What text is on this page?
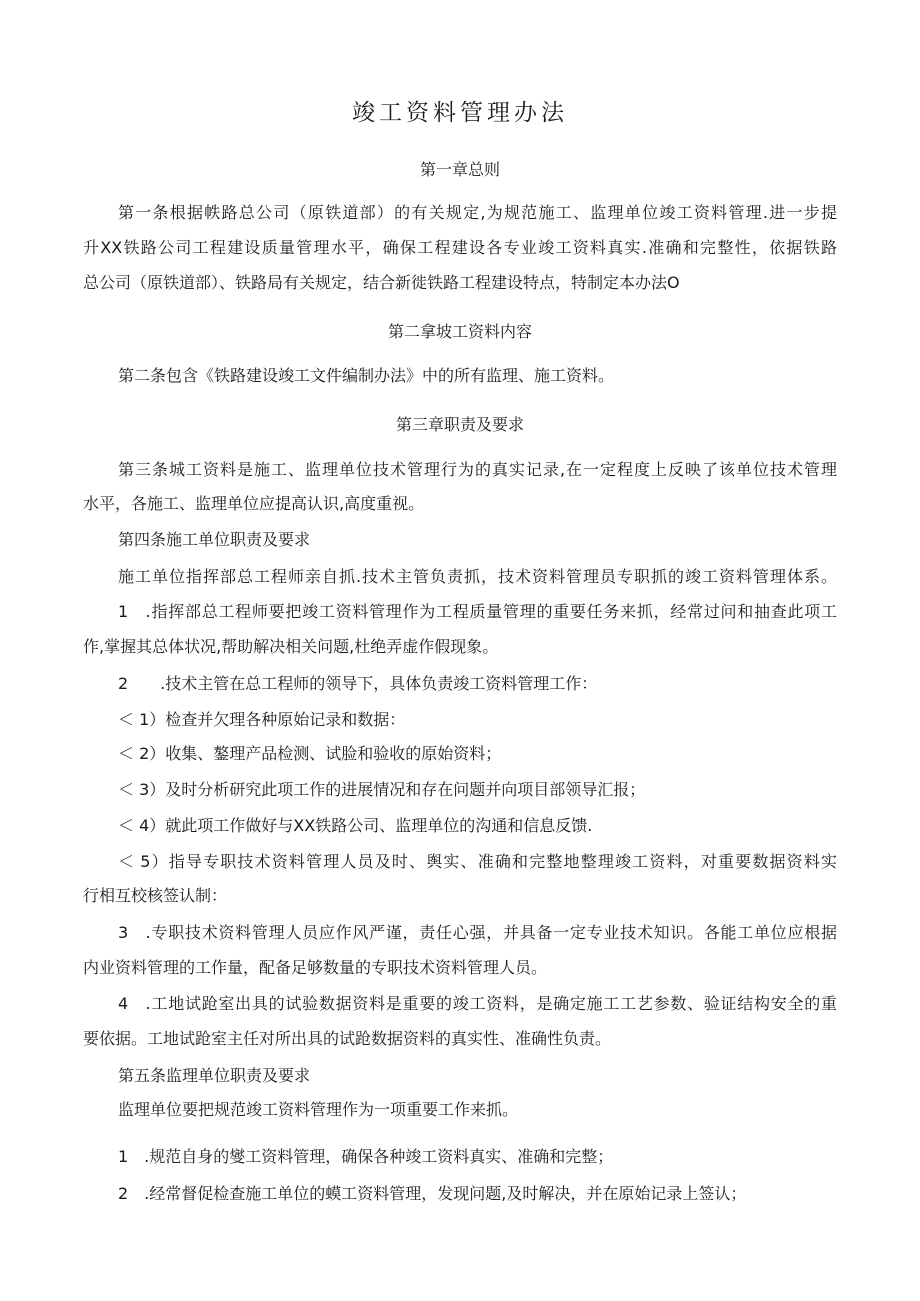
竣工资料管理办法
第一章总则
第一条根据帙路总公司（原铁道部）的有关规定,为规范施工、监理单位竣工资料管理.进一步提
升XX铁路公司工程建设质量管理水平，确保工程建设各专业竣工资料真实.准确和完整性，依据铁路
总公司（原铁道部）、铁路局有关规定，结合新徙铁路工程建设特点，特制定本办法O
第二拿坡工资料内容
第二条包含《铁路建设竣工文件编制办法》中的所有监理、施工资料。
第三章职责及要求
第三条城工资料是施工、监理单位技术管理行为的真实记录,在一定程度上反映了该单位技术管理
水平，各施工、监理单位应提高认识,高度重视。
第四条施工单位职责及要求
施工单位指挥部总工程师亲自抓.技术主管负责抓，技术资料管理员专职抓的竣工资料管理体系。
1　.指挥部总工程师要把竣工资料管理作为工程质量管理的重要任务来抓，经常过问和抽查此项工
作,掌握其总体状况,帮助解决相关问题,杜绝弄虚作假现象。
2　　.技术主管在总工程师的领导下，具体负责竣工资料管理工作：
＜ 1）检查并欠理各种原始记录和数据：
＜ 2）收集、鏊理产品检测、试脸和验收的原始资料；
＜ 3）及时分析研究此项工作的进展情况和存在问题并向项目部领导汇报；
＜ 4）就此项工作做好与XX铁路公司、监理单位的沟通和信息反馈.
＜ 5）指导专职技术资料管理人员及时、舆实、准确和完整地整理竣工资料，对重要数据资料实
行相互校核签认制：
3　.专职技术资料管理人员应作风严谨，责任心强，并具备一定专业技术知识。各能工单位应根据
内业资料管理的工作量，配备足够数量的专职技术资料管理人员。
4　.工地试跄室出具的试验数据资料是重要的竣工资料，是确定施工工艺参数、验证结构安全的重
要依据。工地试跄室主任对所出具的试跄数据资料的真实性、准确性负责。
第五条监理单位职责及要求
监理单位要把规范竣工资料管理作为一项重要工作来抓。
1　.规范自身的燮工资料管理，确保各种竣工资料真实、准确和完整；
2　.经常督促检查施工单位的蟆工资料管理，发现问题,及时解决，并在原始记录上签认；
